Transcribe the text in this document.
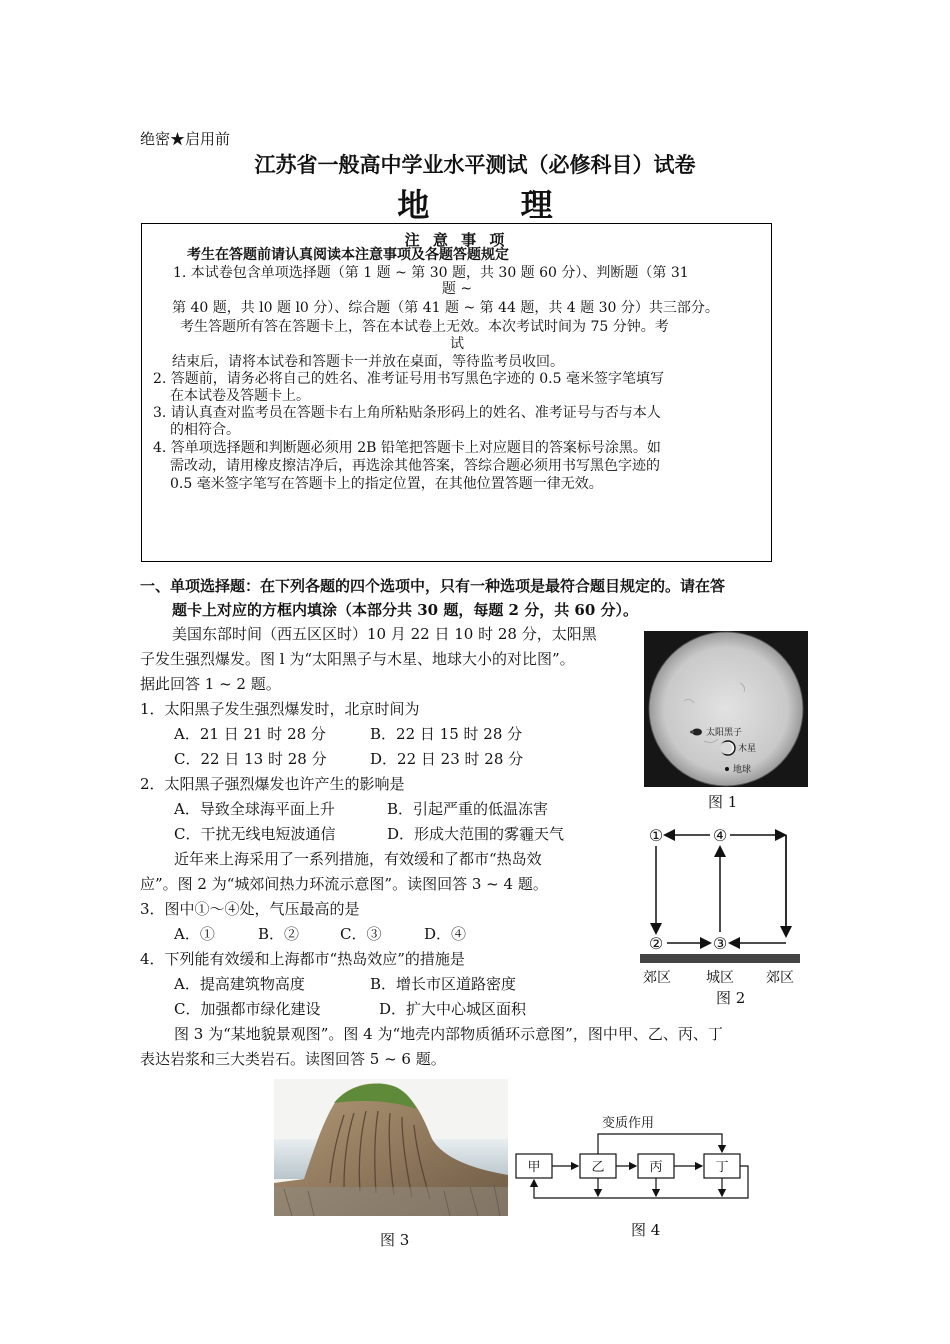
绝密★启用前
江苏省一般高中学业水平测试（必修科目）试卷
地 理
注 意 事 项
考生在答题前请认真阅读本注意事项及各题答题规定
1. 本试卷包含单项选择题（第 1 题 ~ 第 30 题，共 30 题 60 分）、判断题（第 31
题 ~
第 40 题，共 l0 题 l0 分）、综合题（第 41 题 ~ 第 44 题，共 4 题 30 分）共三部分。
考生答题所有答在答题卡上，答在本试卷上无效。本次考试时间为 75 分钟。考
试
结束后，请将本试卷和答题卡一并放在桌面，等待监考员收回。
2. 答题前，请务必将自己的姓名、准考证号用书写黑色字迹的 0.5 毫米签字笔填写
在本试卷及答题卡上。
3. 请认真查对监考员在答题卡右上角所粘贴条形码上的姓名、准考证号与否与本人
的相符合。
4. 答单项选择题和判断题必须用 2B 铅笔把答题卡上对应题目的答案标号涂黑。如
需改动，请用橡皮擦洁净后，再选涂其他答案，答综合题必须用书写黑色字迹的
0.5 毫米签字笔写在答题卡上的指定位置，在其他位置答题一律无效。
一、单项选择题：在下列各题的四个选项中，只有一种选项是最符合题目规定的。请在答
题卡上对应的方框内填涂（本部分共 30 题，每题 2 分，共 60 分）。
美国东部时间（西五区区时）10 月 22 日 10 时 28 分，太阳黑
子发生强烈爆发。图 l 为“太阳黑子与木星、地球大小的对比图”。
据此回答 1 ~ 2 题。
1．太阳黑子发生强烈爆发时，北京时间为
A．21 日 21 时 28 分	B．22 日 15 时 28 分
C．22 日 13 时 28 分	D．22 日 23 时 28 分
2．太阳黑子强烈爆发也许产生的影响是
A．导致全球海平面上升	B．引起严重的低温冻害
C．干扰无线电短波通信	D．形成大范围的雾霾天气
近年来上海采用了一系列措施，有效缓和了都市“热岛效
应”。图 2 为“城郊间热力环流示意图”。读图回答 3 ~ 4 题。
3．图中①～④处，气压最高的是
A．①	B．②	C．③	D．④
4．下列能有效缓和上海都市“热岛效应”的措施是
A．提高建筑物高度	B．增长市区道路密度
C．加强都市绿化建设	D．扩大中心城区面积
图 3 为“某地貌景观图”。图 4 为“地壳内部物质循环示意图”，图中甲、乙、丙、丁
表达岩浆和三大类岩石。读图回答 5 ~ 6 题。
太阳黑子
木星
地球
图 1
①	④
②	③
郊区	城区 郊区
图 2
图 3
变质作用
甲	乙	丙	丁
图 4
